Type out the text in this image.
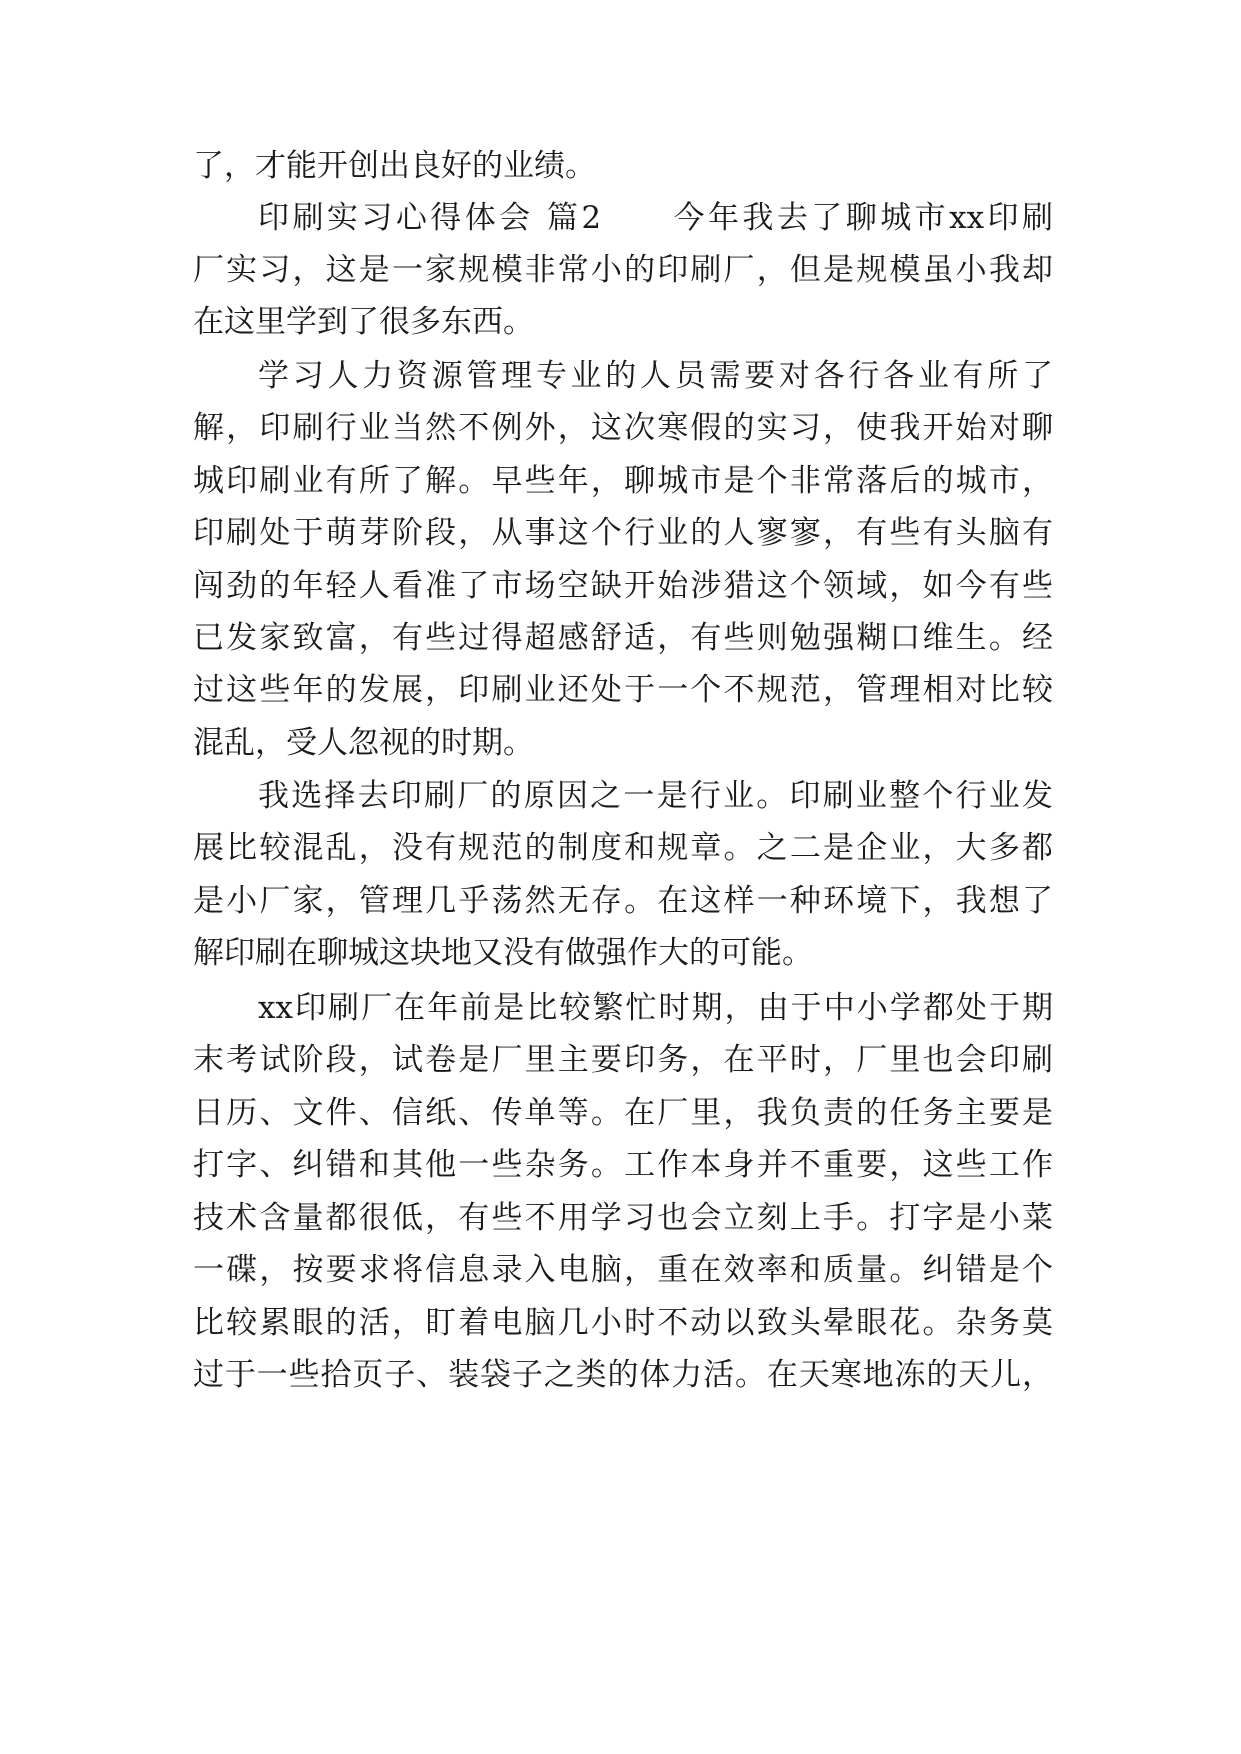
了，才能开创出良好的业绩。
印刷实习心得体会 篇2　　今年我去了聊城市xx印刷
厂实习，这是一家规模非常小的印刷厂，但是规模虽小我却
在这里学到了很多东西。
学习人力资源管理专业的人员需要对各行各业有所了
解，印刷行业当然不例外，这次寒假的实习，使我开始对聊
城印刷业有所了解。早些年，聊城市是个非常落后的城市，
印刷处于萌芽阶段，从事这个行业的人寥寥，有些有头脑有
闯劲的年轻人看准了市场空缺开始涉猎这个领域，如今有些
已发家致富，有些过得超感舒适，有些则勉强糊口维生。经
过这些年的发展，印刷业还处于一个不规范，管理相对比较
混乱，受人忽视的时期。
我选择去印刷厂的原因之一是行业。印刷业整个行业发
展比较混乱，没有规范的制度和规章。之二是企业，大多都
是小厂家，管理几乎荡然无存。在这样一种环境下，我想了
解印刷在聊城这块地又没有做强作大的可能。
xx印刷厂在年前是比较繁忙时期，由于中小学都处于期
末考试阶段，试卷是厂里主要印务，在平时，厂里也会印刷
日历、文件、信纸、传单等。在厂里，我负责的任务主要是
打字、纠错和其他一些杂务。工作本身并不重要，这些工作
技术含量都很低，有些不用学习也会立刻上手。打字是小菜
一碟，按要求将信息录入电脑，重在效率和质量。纠错是个
比较累眼的活，盯着电脑几小时不动以致头晕眼花。杂务莫
过于一些拾页子、装袋子之类的体力活。在天寒地冻的天儿，
